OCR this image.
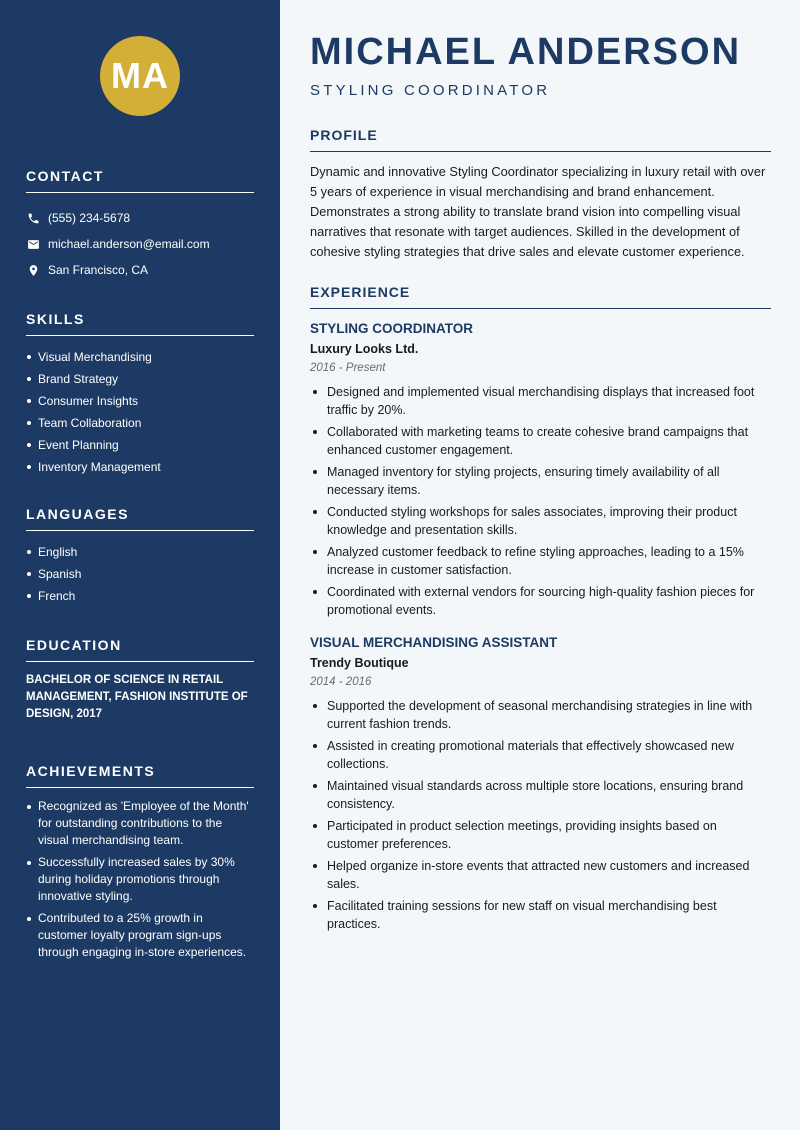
MA
CONTACT
(555) 234-5678
michael.anderson@email.com
San Francisco, CA
SKILLS
Visual Merchandising
Brand Strategy
Consumer Insights
Team Collaboration
Event Planning
Inventory Management
LANGUAGES
English
Spanish
French
EDUCATION

BACHELOR OF SCIENCE IN RETAIL MANAGEMENT, FASHION INSTITUTE OF DESIGN, 2017

ACHIEVEMENTS
Recognized as 'Employee of the Month' for outstanding contributions to the visual merchandising team.
Successfully increased sales by 30% during holiday promotions through innovative styling.
Contributed to a 25% growth in customer loyalty program sign-ups through engaging in-store experiences.
MICHAEL ANDERSON
STYLING COORDINATOR
PROFILE

Dynamic and innovative Styling Coordinator specializing in luxury retail with over 5 years of experience in visual merchandising and brand enhancement. Demonstrates a strong ability to translate brand vision into compelling visual narratives that resonate with target audiences. Skilled in the development of cohesive styling strategies that drive sales and elevate customer experience.

EXPERIENCE
STYLING COORDINATOR
Luxury Looks Ltd.
2016 - Present
Designed and implemented visual merchandising displays that increased foot traffic by 20%.
Collaborated with marketing teams to create cohesive brand campaigns that enhanced customer engagement.
Managed inventory for styling projects, ensuring timely availability of all necessary items.
Conducted styling workshops for sales associates, improving their product knowledge and presentation skills.
Analyzed customer feedback to refine styling approaches, leading to a 15% increase in customer satisfaction.
Coordinated with external vendors for sourcing high-quality fashion pieces for promotional events.
VISUAL MERCHANDISING ASSISTANT
Trendy Boutique
2014 - 2016
Supported the development of seasonal merchandising strategies in line with current fashion trends.
Assisted in creating promotional materials that effectively showcased new collections.
Maintained visual standards across multiple store locations, ensuring brand consistency.
Participated in product selection meetings, providing insights based on customer preferences.
Helped organize in-store events that attracted new customers and increased sales.
Facilitated training sessions for new staff on visual merchandising best practices.
